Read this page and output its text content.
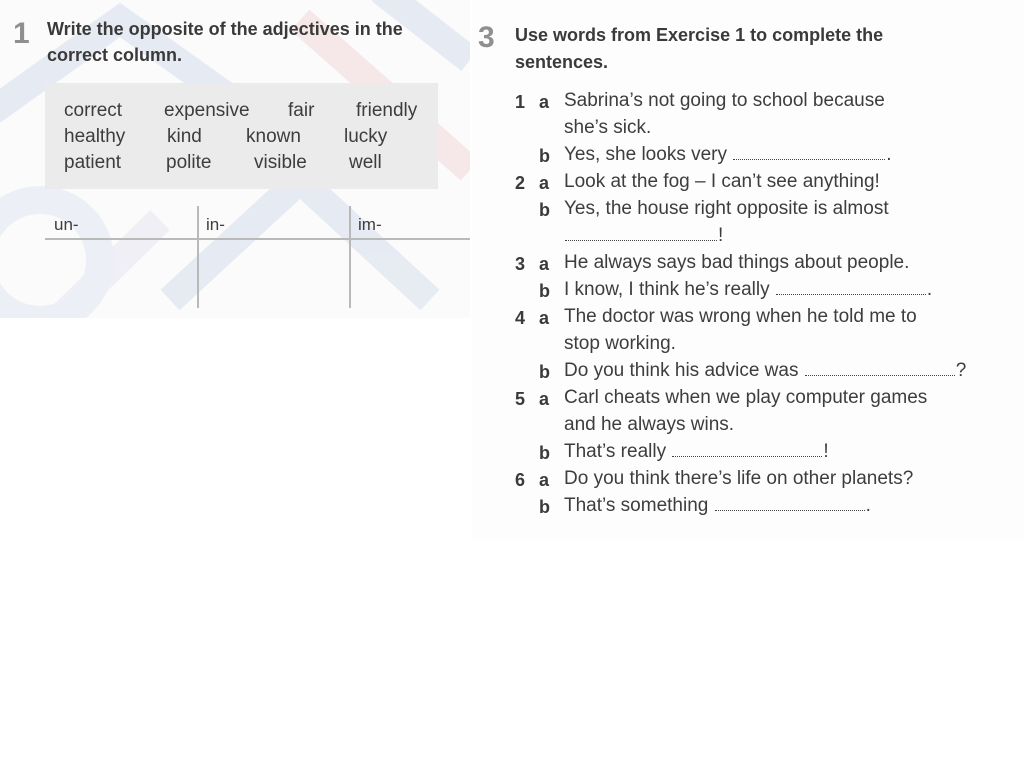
1 Write the opposite of the adjectives in the
correct column.
correct expensive fair friendly
healthy kind known lucky
patient polite visible well
un-	in-	im-
3 Use words from Exercise 1 to complete the
sentences.
1 a Sabrina’s not going to school because
she’s sick.
b Yes, she looks very	.
2 a Look at the fog – I can’t see anything!
b Yes, the house right opposite is almost
!
3 a He always says bad things about people.
b I know, I think he’s really	.
4 a The doctor was wrong when he told me to
stop working.
b Do you think his advice was	?
5 a Carl cheats when we play computer games
and he always wins.
b That’s really	!
6 a Do you think there’s life on other planets?
b That’s something	.
